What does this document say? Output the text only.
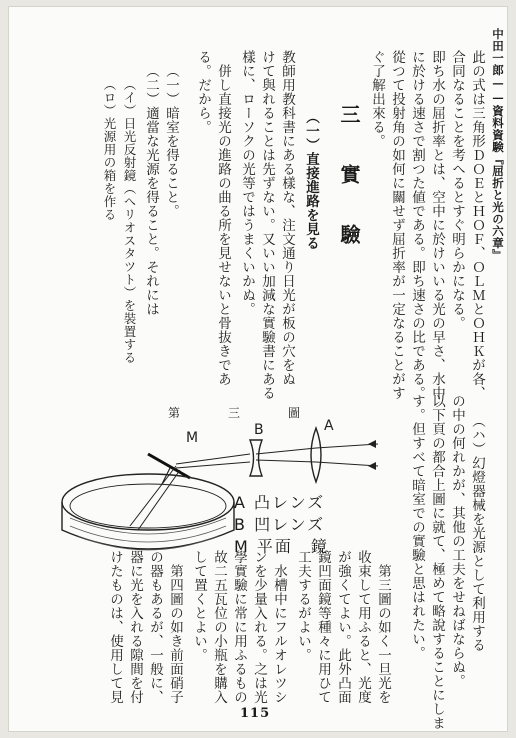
中田一郎——資料資験『屈折と光の六章』
此の式は三角形ＤＯＥとＨＯＦ、ＯＬＭとＯＨＫが各、
合同なることを考へるとすぐ明らかになる。
即ち水の屈折率とは、空中に於けいいる光の早さ、水中
に於ける速さで割つた値である。即ち速さの比である。
從つて投射角の如何に關せず屈折率が一定なることがす
ぐ了解出來る。
三　實　驗
（一）直接進路を見る
教師用教科書にある樣な、注文通り日光が板の穴をぬ
けて與れることは先ずない。又いい加減な實驗書にある
樣に、ローソクの光等ではうまくいかぬ。
併し直接光の進路の曲る所を見せないと骨抜きであ
る。だから。
（一）暗室を得ること。
（二）適當な光源を得ること。それには
（イ）日光反射鏡（へリオスタツト）を裝置する
（ロ）光源用の箱を作る
（ハ）幻燈器械を光源として利用する
の中の何れかが、其他の工夫をせねばならぬ。
以下頁の都合上圖に就て、極めて略說することにしま
す。但すべて暗室での實驗と思はれたい。
第三圖の如く一旦光を
收束して用ふると、光度
が強くてよい。此外凸面
鏡凹面鏡等種々に用ひて
工夫するがよい。
水槽中にフルオレツシ
ンを少量入れる。之は光
學實驗に常に用ふるもの
故二五瓦位の小瓶を購入
して置くとよい。
第四圖の如き前面硝子
の器もあるが、一般に、
器に光を入れる隙間を付
けたものは、使用して見
第　三　圖
A
B
M
A 凸レンズ
B 凹レンズ
M 平面　鏡
115
